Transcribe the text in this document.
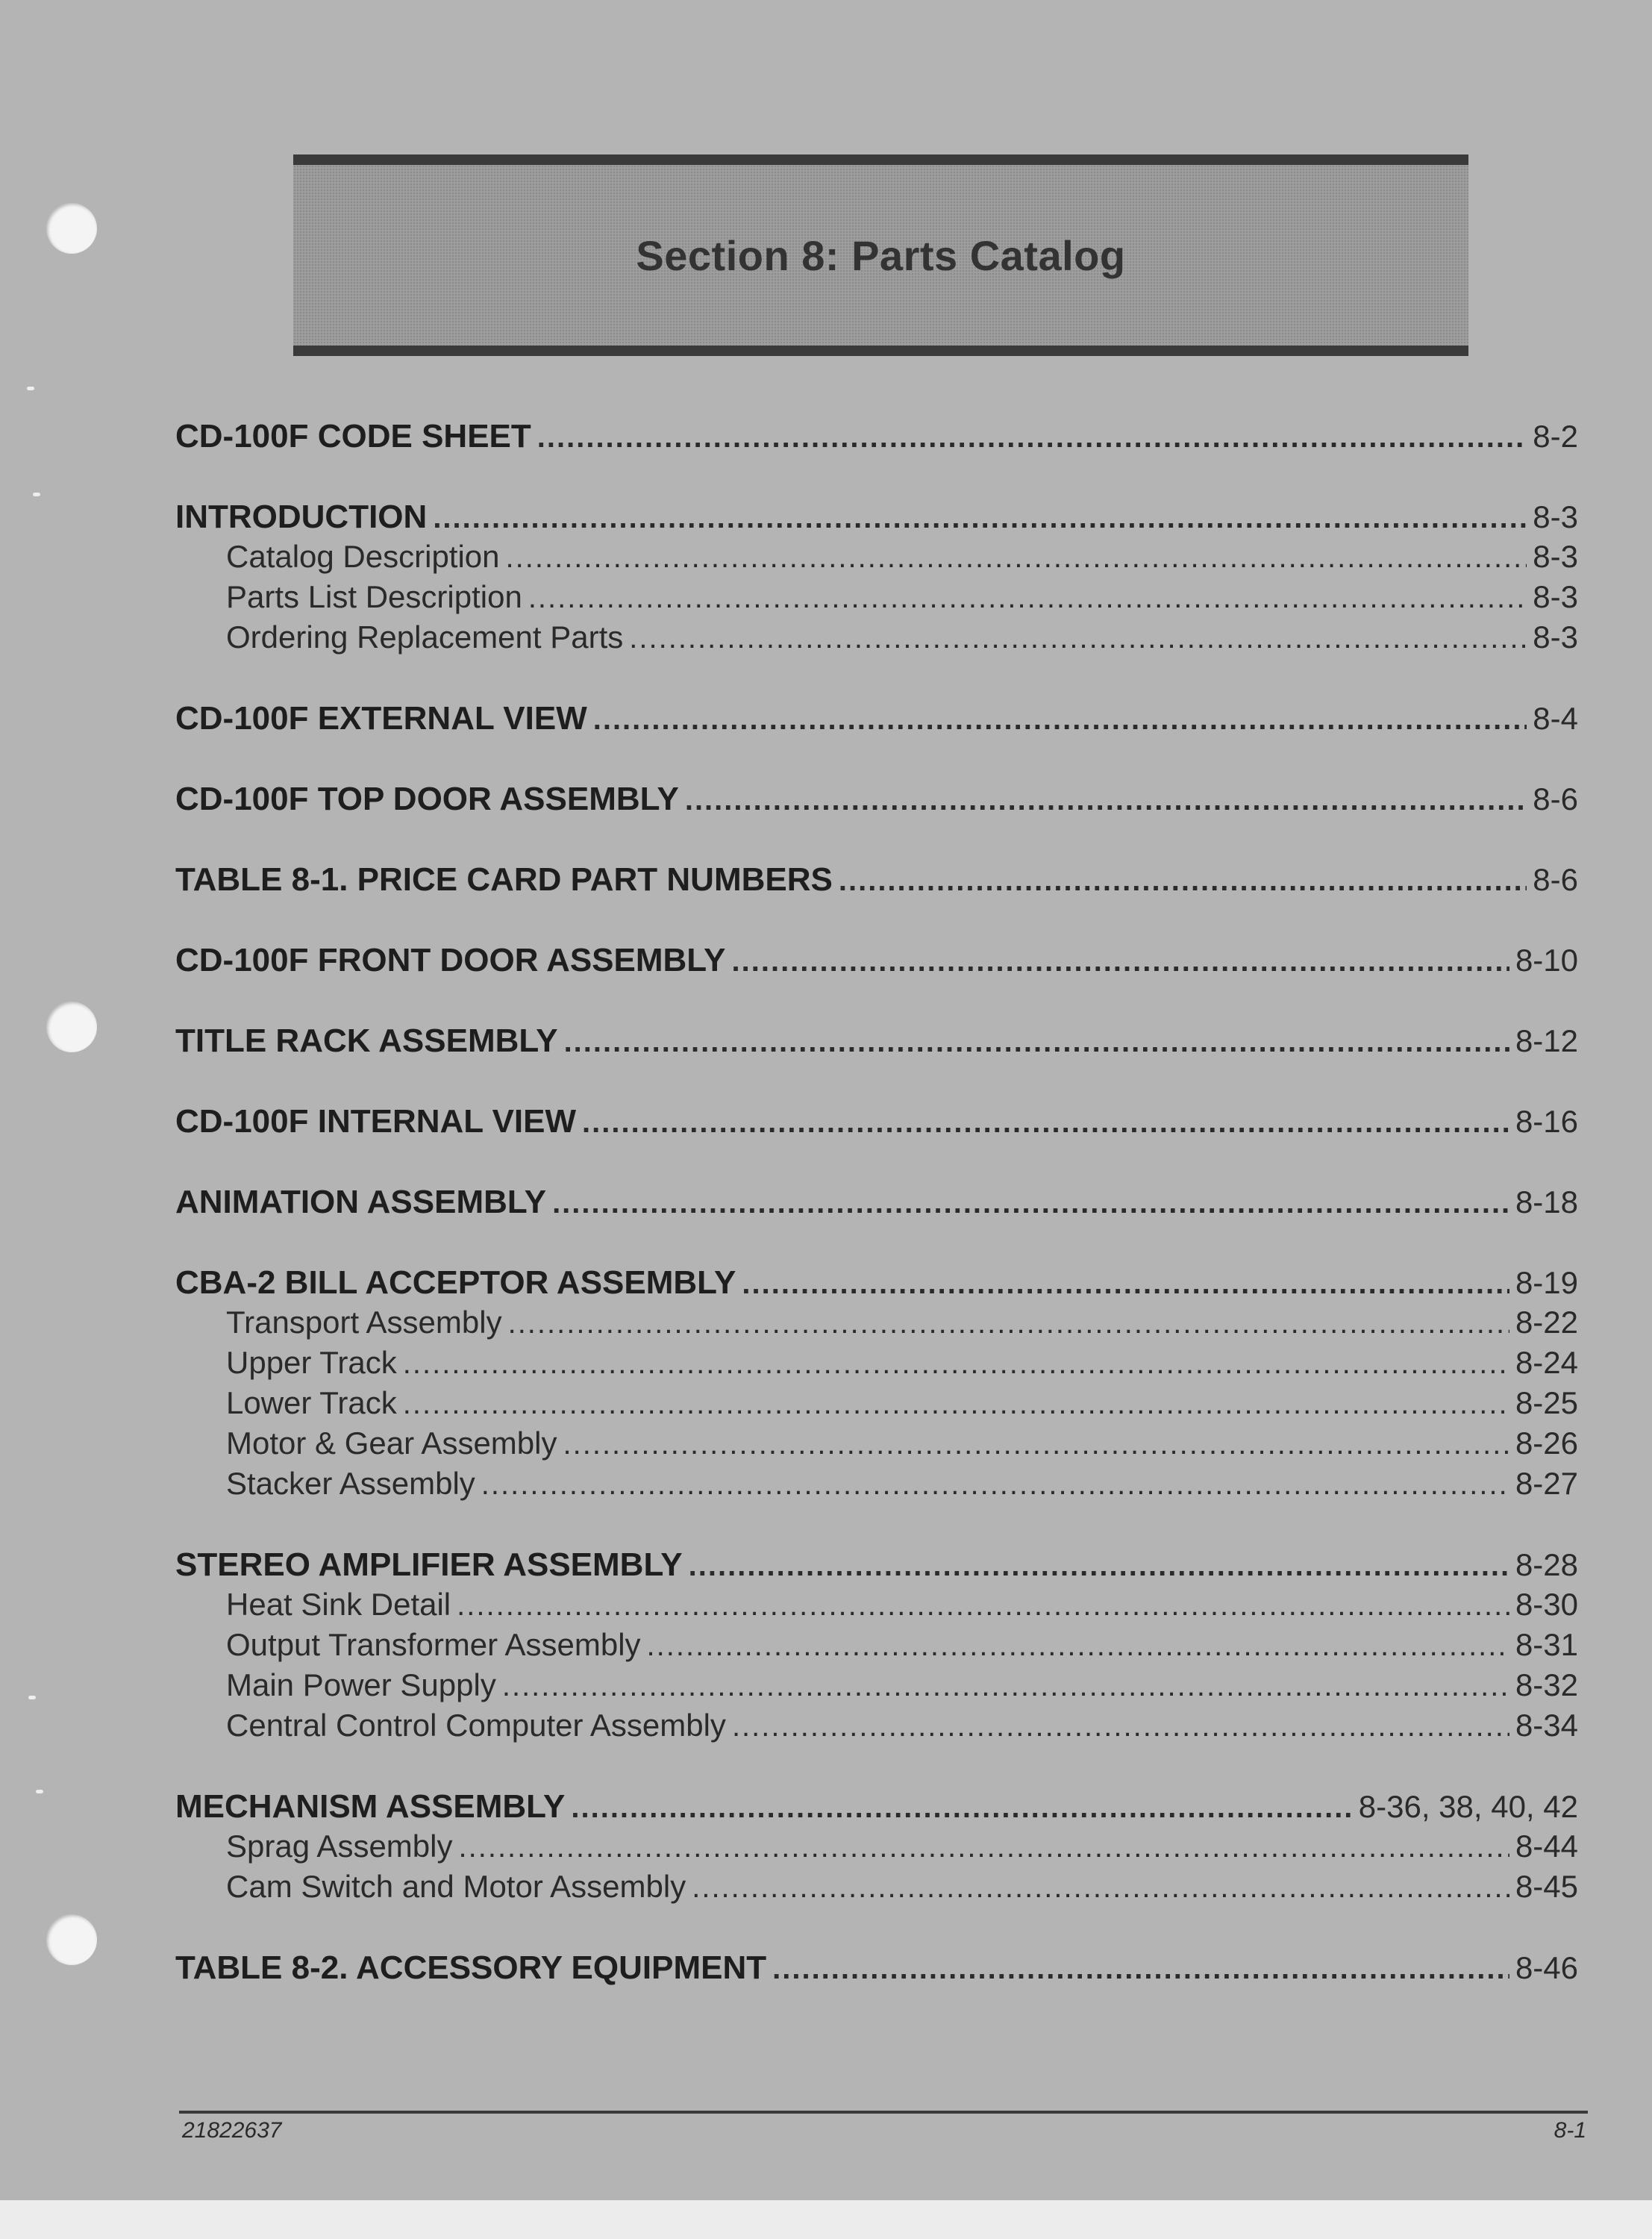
Section 8: Parts Catalog
CD-100F CODE SHEET .....	8-2
INTRODUCTION .....	8-3
Catalog Description .....	8-3
Parts List Description .....	8-3
Ordering Replacement Parts .....	8-3
CD-100F EXTERNAL VIEW .....	8-4
CD-100F TOP DOOR ASSEMBLY .....	8-6
TABLE 8-1. PRICE CARD PART NUMBERS .....	8-6
CD-100F FRONT DOOR ASSEMBLY .....	8-10
TITLE RACK ASSEMBLY .....	8-12
CD-100F INTERNAL VIEW .....	8-16
ANIMATION ASSEMBLY .....	8-18
CBA-2 BILL ACCEPTOR ASSEMBLY .....	8-19
Transport Assembly .....	8-22
Upper Track .....	8-24
Lower Track .....	8-25
Motor & Gear Assembly .....	8-26
Stacker Assembly .....	8-27
STEREO AMPLIFIER ASSEMBLY .....	8-28
Heat Sink Detail .....	8-30
Output Transformer Assembly .....	8-31
Main Power Supply .....	8-32
Central Control Computer Assembly .....	8-34
MECHANISM ASSEMBLY .....	8-36, 38, 40, 42
Sprag Assembly .....	8-44
Cam Switch and Motor Assembly .....	8-45
TABLE 8-2. ACCESSORY EQUIPMENT .....	8-46
21822637	8-1
